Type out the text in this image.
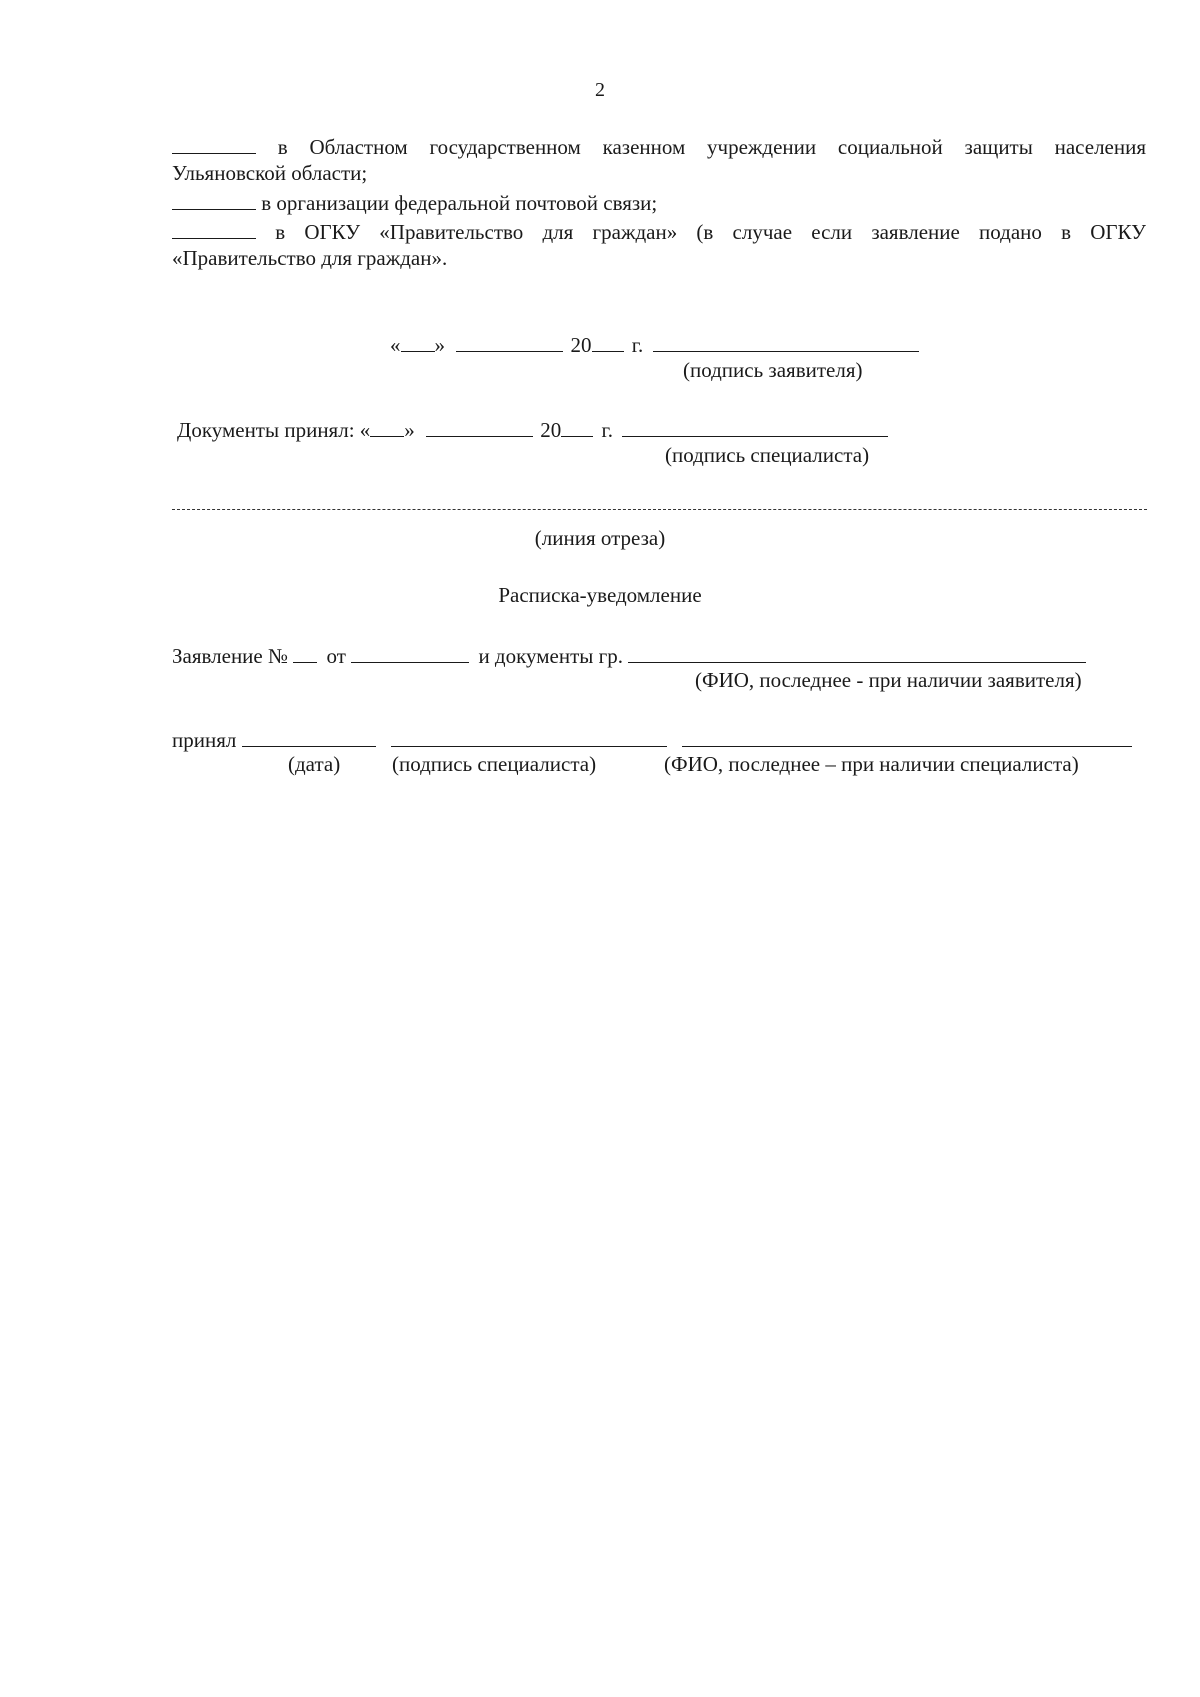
2
в Областном государственном казенном учреждении социальной защиты населения
Ульяновской области;
в организации федеральной почтовой связи;
в ОГКУ «Правительство для граждан» (в случае если заявление подано в ОГКУ
«Правительство для граждан».
« »	20 г.
(подпись заявителя)
Документы принял: « »	20 г.
(подпись специалиста)
(линия отреза)
Расписка-уведомление
Заявление № от	и документы гр.
(ФИО, последнее - при наличии заявителя)
принял
(дата) (подпись специалиста)	(ФИО, последнее – при наличии специалиста)
